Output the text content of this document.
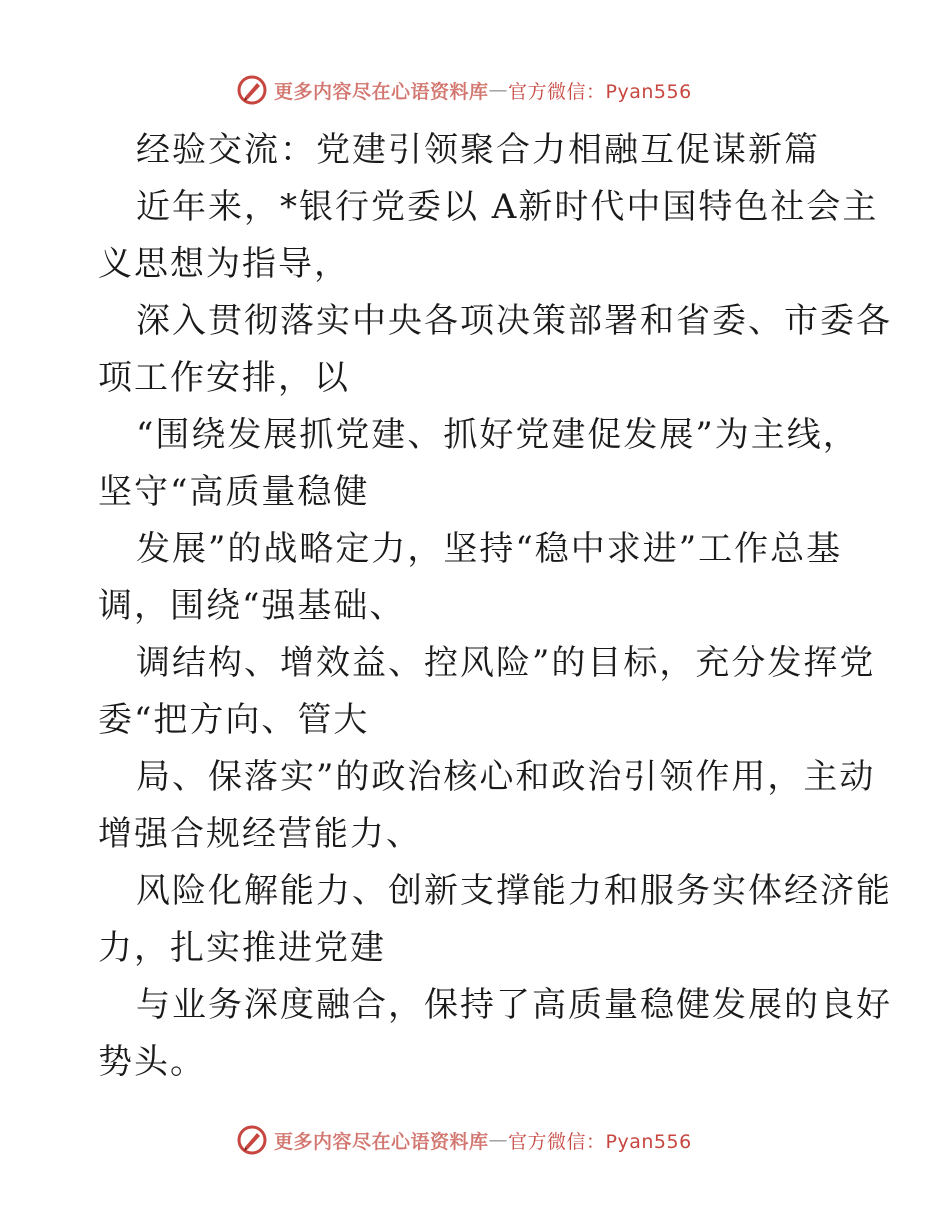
更多内容尽在心语资料库 — 官方微信：Pyan556
经验交流：党建引领聚合力相融互促谋新篇
近年来，*银行党委以 A新时代中国特色社会主
义思想为指导，
深入贯彻落实中央各项决策部署和省委、市委各
项工作安排，以
“围绕发展抓党建、抓好党建促发展”为主线，
坚守“高质量稳健
发展”的战略定力，坚持“稳中求进”工作总基
调，围绕“强基础、
调结构、增效益、控风险”的目标，充分发挥党
委“把方向、管大
局、保落实”的政治核心和政治引领作用，主动
增强合规经营能力、
风险化解能力、创新支撑能力和服务实体经济能
力，扎实推进党建
与业务深度融合，保持了高质量稳健发展的良好
势头。
更多内容尽在心语资料库 — 官方微信：Pyan556
